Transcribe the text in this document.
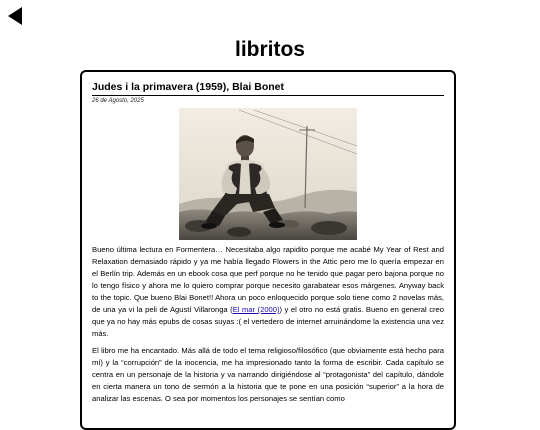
libritos
Judes i la primavera (1959), Blai Bonet
26 de Agosto, 2025

Bueno última lectura en Formentera… Necesitaba algo rapidito porque me acabé My Year of Rest and Relaxation demasiado rápido y ya me había llegado Flowers in the Attic pero me lo quería empezar en el Berlín trip. Además en un ebook cosa que perf porque no he tenido que pagar pero bajona porque no lo tengo físico y ahora me lo quiero comprar porque necesito garabatear esos márgenes. Anyway back to the topic. Que bueno Blai Bonet!! Ahora un poco enloquecido porque solo tiene como 2 novelas más, de una ya vi la peli de Agustí Villaronga (El mar (2000)) y el otro no está gratis. Bueno en general creo que ya no hay más epubs de cosas suyas :( el vertedero de internet arruinándome la existencia una vez más.

El libro me ha encantado. Más allá de todo el tema religioso/filosófico (que obviamente está hecho para mí) y la “corrupción” de la inocencia, me ha impresionado tanto la forma de escribir. Cada capítulo se centra en un personaje de la historia y va narrando dirigiéndose al “protagonista” del capítulo, dándole en cierta manera un tono de sermón a la historia que te pone en una posición “superior” a la hora de analizar las escenas. O sea por momentos los personajes se sentían como
